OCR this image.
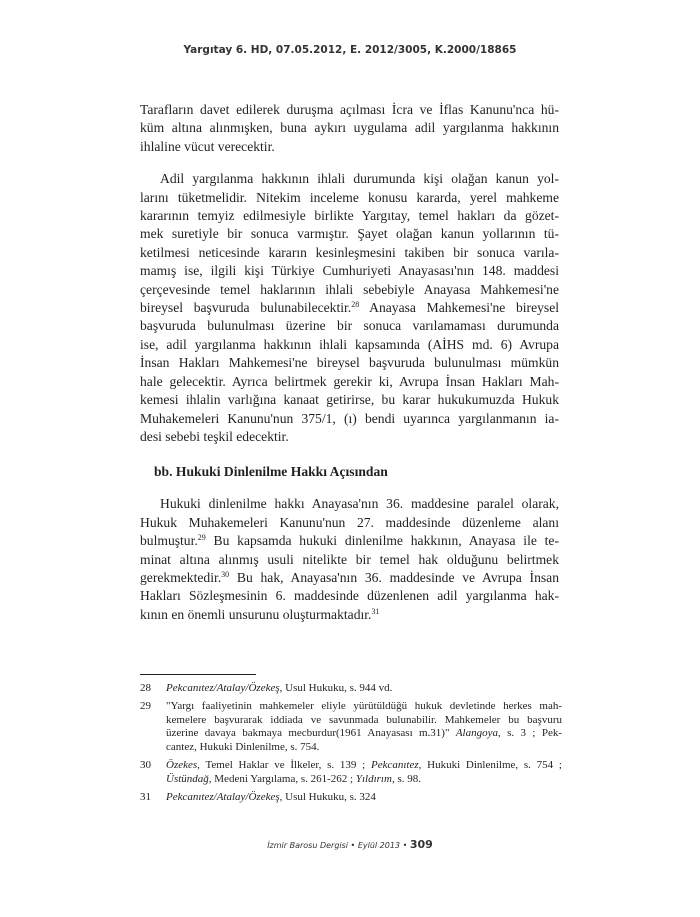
Yargıtay 6. HD, 07.05.2012, E. 2012/3005, K.2000/18865

Tarafların davet edilerek duruşma açılması İcra ve İflas Kanunu'nca hü-
küm altına alınmışken, buna aykırı uygulama adil yargılanma hakkının
ihlaline vücut verecektir.

Adil yargılanma hakkının ihlali durumunda kişi olağan kanun yol-
larını tüketmelidir. Nitekim inceleme konusu kararda, yerel mahkeme
kararının temyiz edilmesiyle birlikte Yargıtay, temel hakları da gözet-
mek suretiyle bir sonuca varmıştır. Şayet olağan kanun yollarının tü-
ketilmesi neticesinde kararın kesinleşmesini takiben bir sonuca varıla-
mamış ise, ilgili kişi Türkiye Cumhuriyeti Anayasası'nın 148. maddesi
çerçevesinde temel haklarının ihlali sebebiyle Anayasa Mahkemesi'ne
bireysel başvuruda bulunabilecektir.$^{28}$ Anayasa Mahkemesi'ne bireysel
başvuruda bulunulması üzerine bir sonuca varılamaması durumunda
ise, adil yargılanma hakkının ihlali kapsamında (AİHS md. 6) Avrupa
İnsan Hakları Mahkemesi'ne bireysel başvuruda bulunulması mümkün
hale gelecektir. Ayrıca belirtmek gerekir ki, Avrupa İnsan Hakları Mah-
kemesi ihlalin varlığına kanaat getirirse, bu karar hukukumuzda Hukuk
Muhakemeleri Kanunu'nun 375/1, (ı) bendi uyarınca yargılanmanın ia-
desi sebebi teşkil edecektir.

bb. Hukuki Dinlenilme Hakkı Açısından

Hukuki dinlenilme hakkı Anayasa'nın 36. maddesine paralel olarak,
Hukuk Muhakemeleri Kanunu'nun 27. maddesinde düzenleme alanı
bulmuştur.$^{29}$ Bu kapsamda hukuki dinlenilme hakkının, Anayasa ile te-
minat altına alınmış usuli nitelikte bir temel hak olduğunu belirtmek
gerekmektedir.$^{30}$ Bu hak, Anayasa'nın 36. maddesinde ve Avrupa İnsan
Hakları Sözleşmesinin 6. maddesinde düzenlenen adil yargılanma hak-
kının en önemli unsurunu oluşturmaktadır.$^{31}$

28	Pekcanıtez/Atalay/Özekeş, Usul Hukuku, s. 944 vd.
29	"Yargı faaliyetinin mahkemeler eliyle yürütüldüğü hukuk devletinde herkes mah-
kemelere başvurarak iddiada ve savunmada bulunabilir. Mahkemeler bu başvuru
üzerine davaya bakmaya mecburdur(1961 Anayasası m.31)" Alangoya, s. 3 ; Pek-
cantez, Hukuki Dinlenilme, s. 754.
30	Özekes, Temel Haklar ve İlkeler, s. 139 ; Pekcanıtez, Hukuki Dinlenilme, s. 754 ;
Üstündağ, Medeni Yargılama, s. 261-262 ; Yıldırım, s. 98.
31	Pekcanıtez/Atalay/Özekeş, Usul Hukuku, s. 324
İzmir Barosu Dergisi • Eylül 2013 • 309
